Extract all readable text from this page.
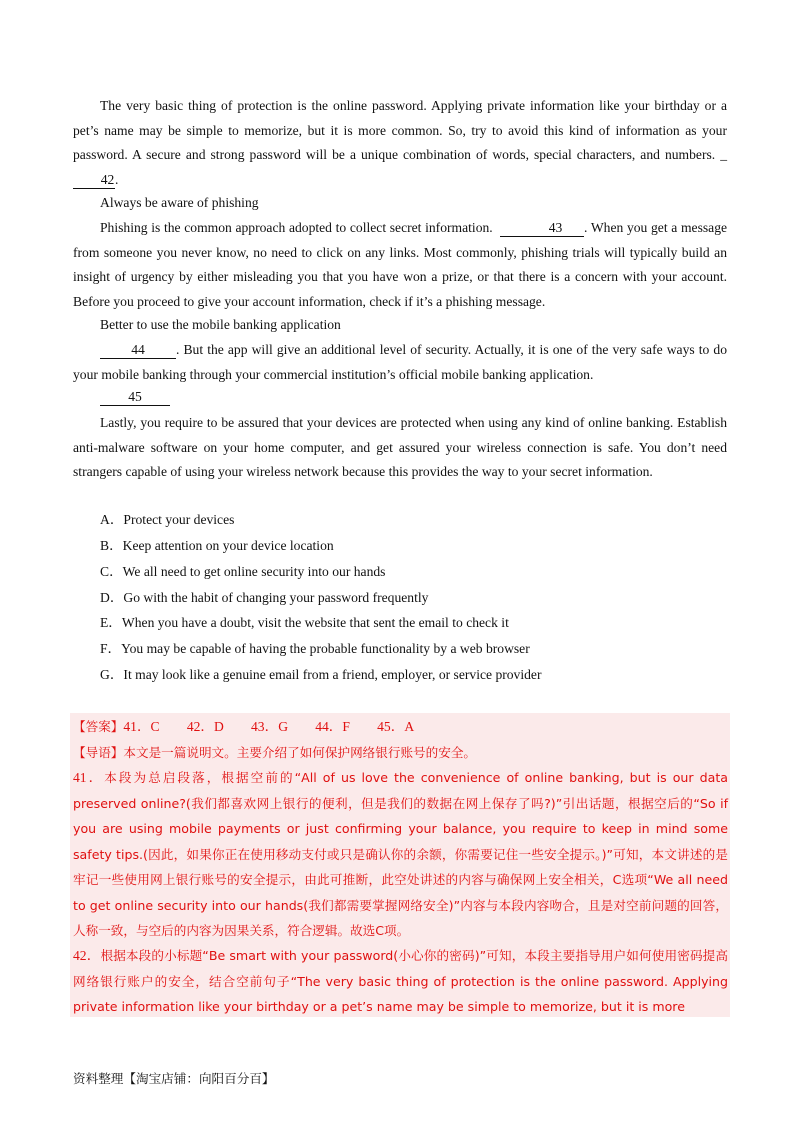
The very basic thing of protection is the online password. Applying private information like your birthday or a pet’s name may be simple to memorize, but it is more common. So, try to avoid this kind of information as your password. A secure and strong password will be a unique combination of words, special characters, and numbers. _ 42.
Always be aware of phishing
Phishing is the common approach adopted to collect secret information.	43 . When you get a message from someone you never know, no need to click on any links. Most commonly, phishing trials will typically build an insight of urgency by either misleading you that you have won a prize, or that there is a concern with your account. Before you proceed to give your account information, check if it’s a phishing message.
Better to use the mobile banking application
44 . But the app will give an additional level of security. Actually, it is one of the very safe ways to do your mobile banking through your commercial institution’s official mobile banking application.
45
Lastly, you require to be assured that your devices are protected when using any kind of online banking. Establish anti-malware software on your home computer, and get assured your wireless connection is safe. You don’t need strangers capable of using your wireless network because this provides the way to your secret information.
A．Protect your devices
B．Keep attention on your device location
C．We all need to get online security into our hands
D．Go with the habit of changing your password frequently
E．When you have a doubt, visit the website that sent the email to check it
F．You may be capable of having the probable functionality by a web browser
G．It may look like a genuine email from a friend, employer, or service provider
【答案】41．C　　42．D　　43．G　　44．F　　45．A
【导语】本文是一篇说明文。主要介绍了如何保护网络银行账号的安全。
41．本段为总启段落，根据空前的“All of us love the convenience of online banking, but is our data preserved online?(我们都喜欢网上银行的便利，但是我们的数据在网上保存了吗?)”引出话题，根据空后的“So if you are using mobile payments or just confirming your balance, you require to keep in mind some safety tips.(因此，如果你正在使用移动支付或只是确认你的余额，你需要记住一些安全提示。)”可知，本文讲述的是牢记一些使用网上银行账号的安全提示，由此可推断，此空处讲述的内容与确保网上安全相关，C选项“We all need to get online security into our hands(我们都需要掌握网络安全)”内容与本段内容吻合，且是对空前问题的回答，人称一致，与空后的内容为因果关系，符合逻辑。故选C项。
42．根据本段的小标题“Be smart with your password(小心你的密码)”可知，本段主要指导用户如何使用密码提高网络银行账户的安全，结合空前句子“The very basic thing of protection is the online password. Applying private information like your birthday or a pet’s name may be simple to memorize, but it is more
资料整理【淘宝店铺：向阳百分百】
